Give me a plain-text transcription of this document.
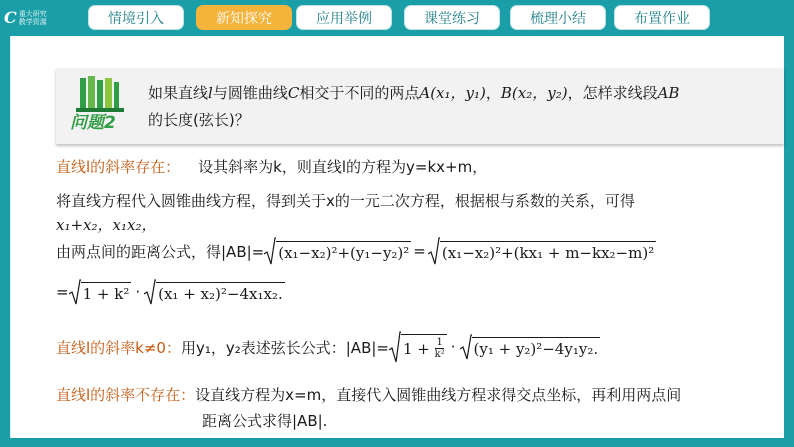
C 重大研究
教学资源	情境引入	新知探究	应用举例	课堂练习	梳理小结	布置作业
问题2
如果直线l与圆锥曲线C相交于不同的两点A(x₁，y₁)，B(x₂，y₂)，怎样求线段AB
的长度(弦长)？
直线l的斜率存在： 设其斜率为k，则直线l的方程为y=kx+m，
将直线方程代入圆锥曲线方程，得到关于x的一元二次方程，根据根与系数的关系，可得
x₁+x₂，x₁x₂，
由两点间的距离公式，得|AB|= (x₁−x₂)²+(y₁−y₂)² = (x₁−x₂)²+(kx₁ + m−kx₂−m)²
= 1 + k² · (x₁ + x₂)²−4x₁x₂.
直线l的斜率k≠0： 用y₁，y₂表述弦长公式：$|AB|= 1 + \frac{1}{\text{k²}} \cdot (y_1 + y_2)^2-4y_1y_2$.
直线l的斜率不存在：设直线方程为x=m，直接代入圆锥曲线方程求得交点坐标，再利用两点间
距离公式求得|AB|.
